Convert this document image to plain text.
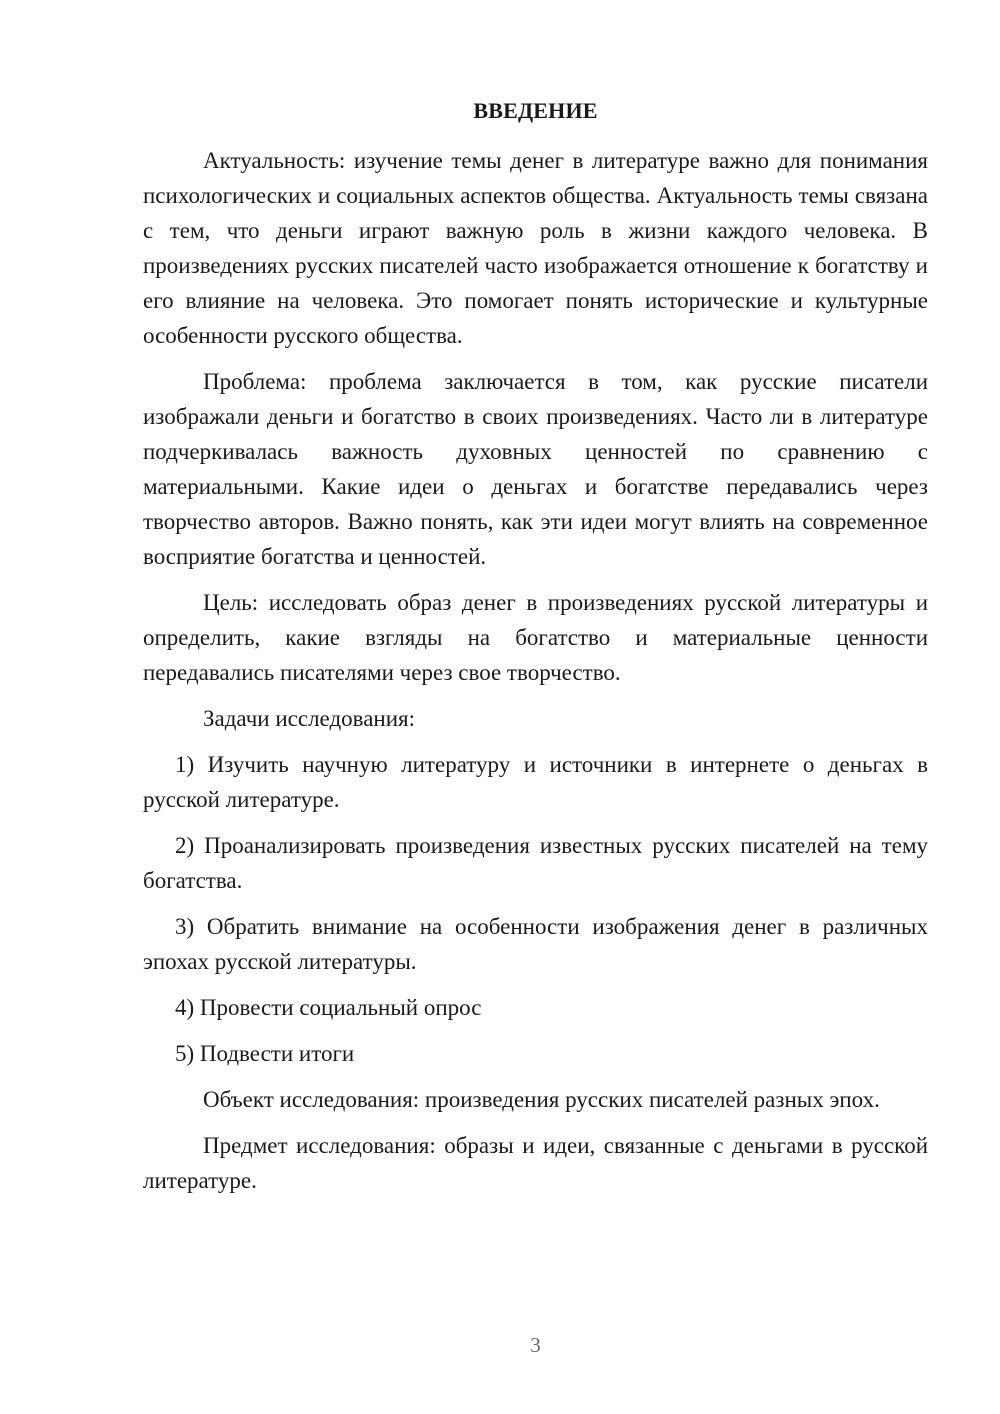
ВВЕДЕНИЕ

Актуальность: изучение темы денег в литературе важно для понимания психологических и социальных аспектов общества. Актуальность темы связана с тем, что деньги играют важную роль в жизни каждого человека. В произведениях русских писателей часто изображается отношение к богатству и его влияние на человека. Это помогает понять исторические и культурные особенности русского общества.

Проблема: проблема заключается в том, как русские писатели изображали деньги и богатство в своих произведениях. Часто ли в литературе подчеркивалась важность духовных ценностей по сравнению с материальными. Какие идеи о деньгах и богатстве передавались через творчество авторов. Важно понять, как эти идеи могут влиять на современное восприятие богатства и ценностей.

Цель: исследовать образ денег в произведениях русской литературы и определить, какие взгляды на богатство и материальные ценности передавались писателями через свое творчество.

Задачи исследования:

1) Изучить научную литературу и источники в интернете о деньгах в русской литературе.

2) Проанализировать произведения известных русских писателей на тему богатства.

3) Обратить внимание на особенности изображения денег в различных эпохах русской литературы.

4) Провести социальный опрос

5) Подвести итоги

Объект исследования: произведения русских писателей разных эпох.

Предмет исследования: образы и идеи, связанные с деньгами в русской литературе.

3
